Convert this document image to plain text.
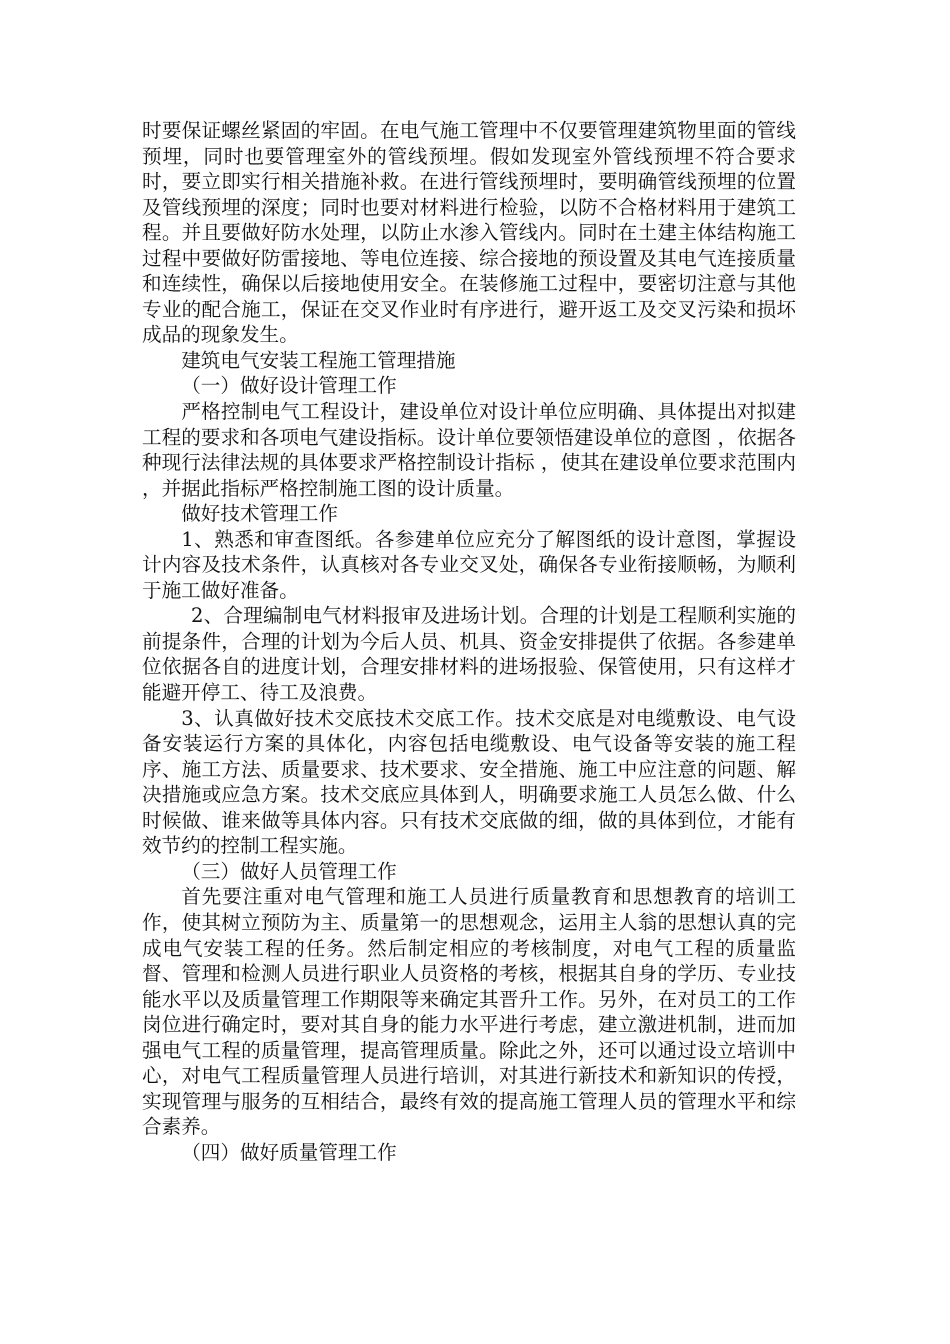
时要保证螺丝紧固的牢固。在电气施工管理中不仅要管理建筑物里面的管线预埋，同时也要管理室外的管线预埋。假如发现室外管线预埋不符合要求时，要立即实行相关措施补救。在进行管线预埋时，要明确管线预埋的位置及管线预埋的深度；同时也要对材料进行检验，以防不合格材料用于建筑工程。并且要做好防水处理，以防止水渗入管线内。同时在土建主体结构施工过程中要做好防雷接地、等电位连接、综合接地的预设置及其电气连接质量和连续性，确保以后接地使用安全。在装修施工过程中，要密切注意与其他专业的配合施工，保证在交叉作业时有序进行，避开返工及交叉污染和损坏成品的现象发生。

建筑电气安装工程施工管理措施

（一）做好设计管理工作

严格控制电气工程设计，建设单位对设计单位应明确、具体提出对拟建工程的要求和各项电气建设指标。设计单位要领悟建设单位的意图 ，依据各种现行法律法规的具体要求严格控制设计指标 ，使其在建设单位要求范围内 ，并据此指标严格控制施工图的设计质量。

做好技术管理工作

1、熟悉和审查图纸。各参建单位应充分了解图纸的设计意图，掌握设计内容及技术条件，认真核对各专业交叉处，确保各专业衔接顺畅，为顺利于施工做好准备。

2、合理编制电气材料报审及进场计划。合理的计划是工程顺利实施的前提条件，合理的计划为今后人员、机具、资金安排提供了依据。各参建单位依据各自的进度计划，合理安排材料的进场报验、保管使用，只有这样才能避开停工、待工及浪费。

3、认真做好技术交底技术交底工作。技术交底是对电缆敷设、电气设备安装运行方案的具体化，内容包括电缆敷设、电气设备等安装的施工程序、施工方法、质量要求、技术要求、安全措施、施工中应注意的问题、解决措施或应急方案。技术交底应具体到人，明确要求施工人员怎么做、什么时候做、谁来做等具体内容。只有技术交底做的细，做的具体到位，才能有效节约的控制工程实施。

（三）做好人员管理工作

首先要注重对电气管理和施工人员进行质量教育和思想教育的培训工作，使其树立预防为主、质量第一的思想观念，运用主人翁的思想认真的完成电气安装工程的任务。然后制定相应的考核制度，对电气工程的质量监督、管理和检测人员进行职业人员资格的考核，根据其自身的学历、专业技能水平以及质量管理工作期限等来确定其晋升工作。另外，在对员工的工作岗位进行确定时，要对其自身的能力水平进行考虑，建立激进机制，进而加强电气工程的质量管理，提高管理质量。除此之外，还可以通过设立培训中心，对电气工程质量管理人员进行培训，对其进行新技术和新知识的传授，实现管理与服务的互相结合，最终有效的提高施工管理人员的管理水平和综合素养。

（四）做好质量管理工作
